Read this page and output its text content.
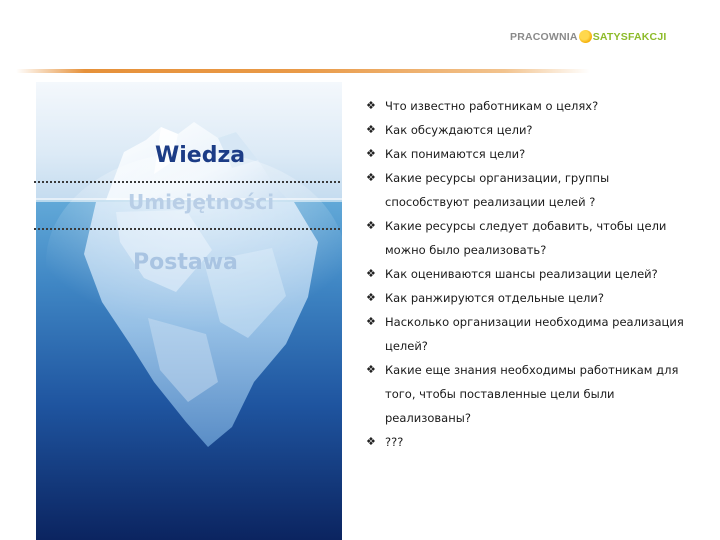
PRACOWNIA SATYSFAKCJI
Wiedza
Umiejętności
Postawa
❖ Что известно работникам о целях?
❖ Как обсуждаются цели?
❖ Как понимаются цели?
❖ Какие ресурсы организации, группы способствуют реализации целей ?
❖ Какие ресурсы следует добавить, чтобы цели можно было реализовать?
❖ Как оцениваются шансы реализации целей?
❖ Как ранжируются отдельные цели?
❖ Насколько организации необходима реализация целей?
❖ Какие еще знания необходимы работникам для того, чтобы поставленные цели были реализованы?
❖ ???
